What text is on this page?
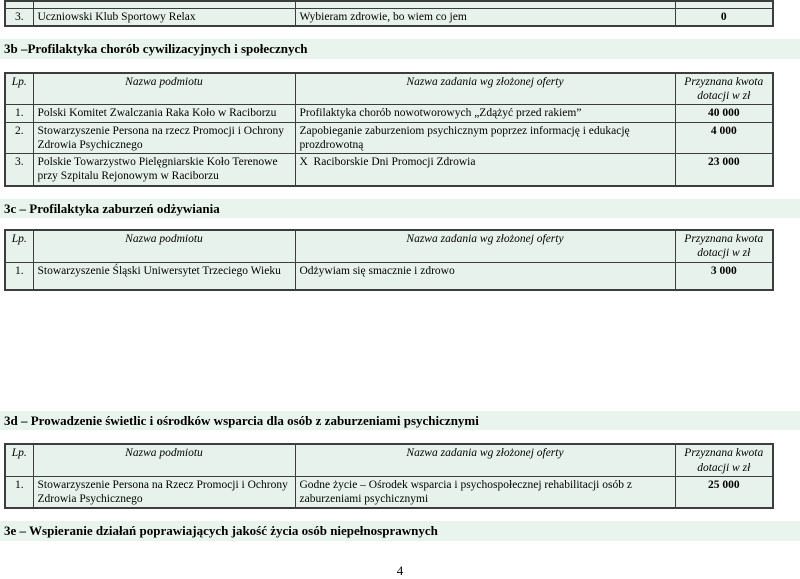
3.	Uczniowski Klub Sportowy Relax	Wybieram zdrowie, bo wiem co jem	0
3b –Profilaktyka chorób cywilizacyjnych i społecznych
Lp.	Nazwa podmiotu	Nazwa zadania wg złożonej oferty	Przyznana kwota dotacji w zł
1.	Polski Komitet Zwalczania Raka Koło w Raciborzu	Profilaktyka chorób nowotworowych „Zdążyć przed rakiem”	40 000
2.	Stowarzyszenie Persona na rzecz Promocji i Ochrony Zdrowia Psychicznego	Zapobieganie zaburzeniom psychicznym poprzez informację i edukację prozdrowotną	4 000
3.	Polskie Towarzystwo Pielęgniarskie Koło Terenowe przy Szpitalu Rejonowym w Raciborzu	X  Raciborskie Dni Promocji Zdrowia	23 000
3c – Profilaktyka zaburzeń odżywiania
Lp.	Nazwa podmiotu	Nazwa zadania wg złożonej oferty	Przyznana kwota dotacji w zł
1.	Stowarzyszenie Śląski Uniwersytet Trzeciego Wieku	Odżywiam się smacznie i zdrowo	3 000
3d – Prowadzenie świetlic i ośrodków wsparcia dla osób z zaburzeniami psychicznymi
Lp.	Nazwa podmiotu	Nazwa zadania wg złożonej oferty	Przyznana kwota dotacji w zł
1.	Stowarzyszenie Persona na Rzecz Promocji i Ochrony Zdrowia Psychicznego	Godne życie – Ośrodek wsparcia i psychospołecznej rehabilitacji osób z zaburzeniami psychicznymi	25 000
3e – Wspieranie działań poprawiających jakość życia osób niepełnosprawnych
4
